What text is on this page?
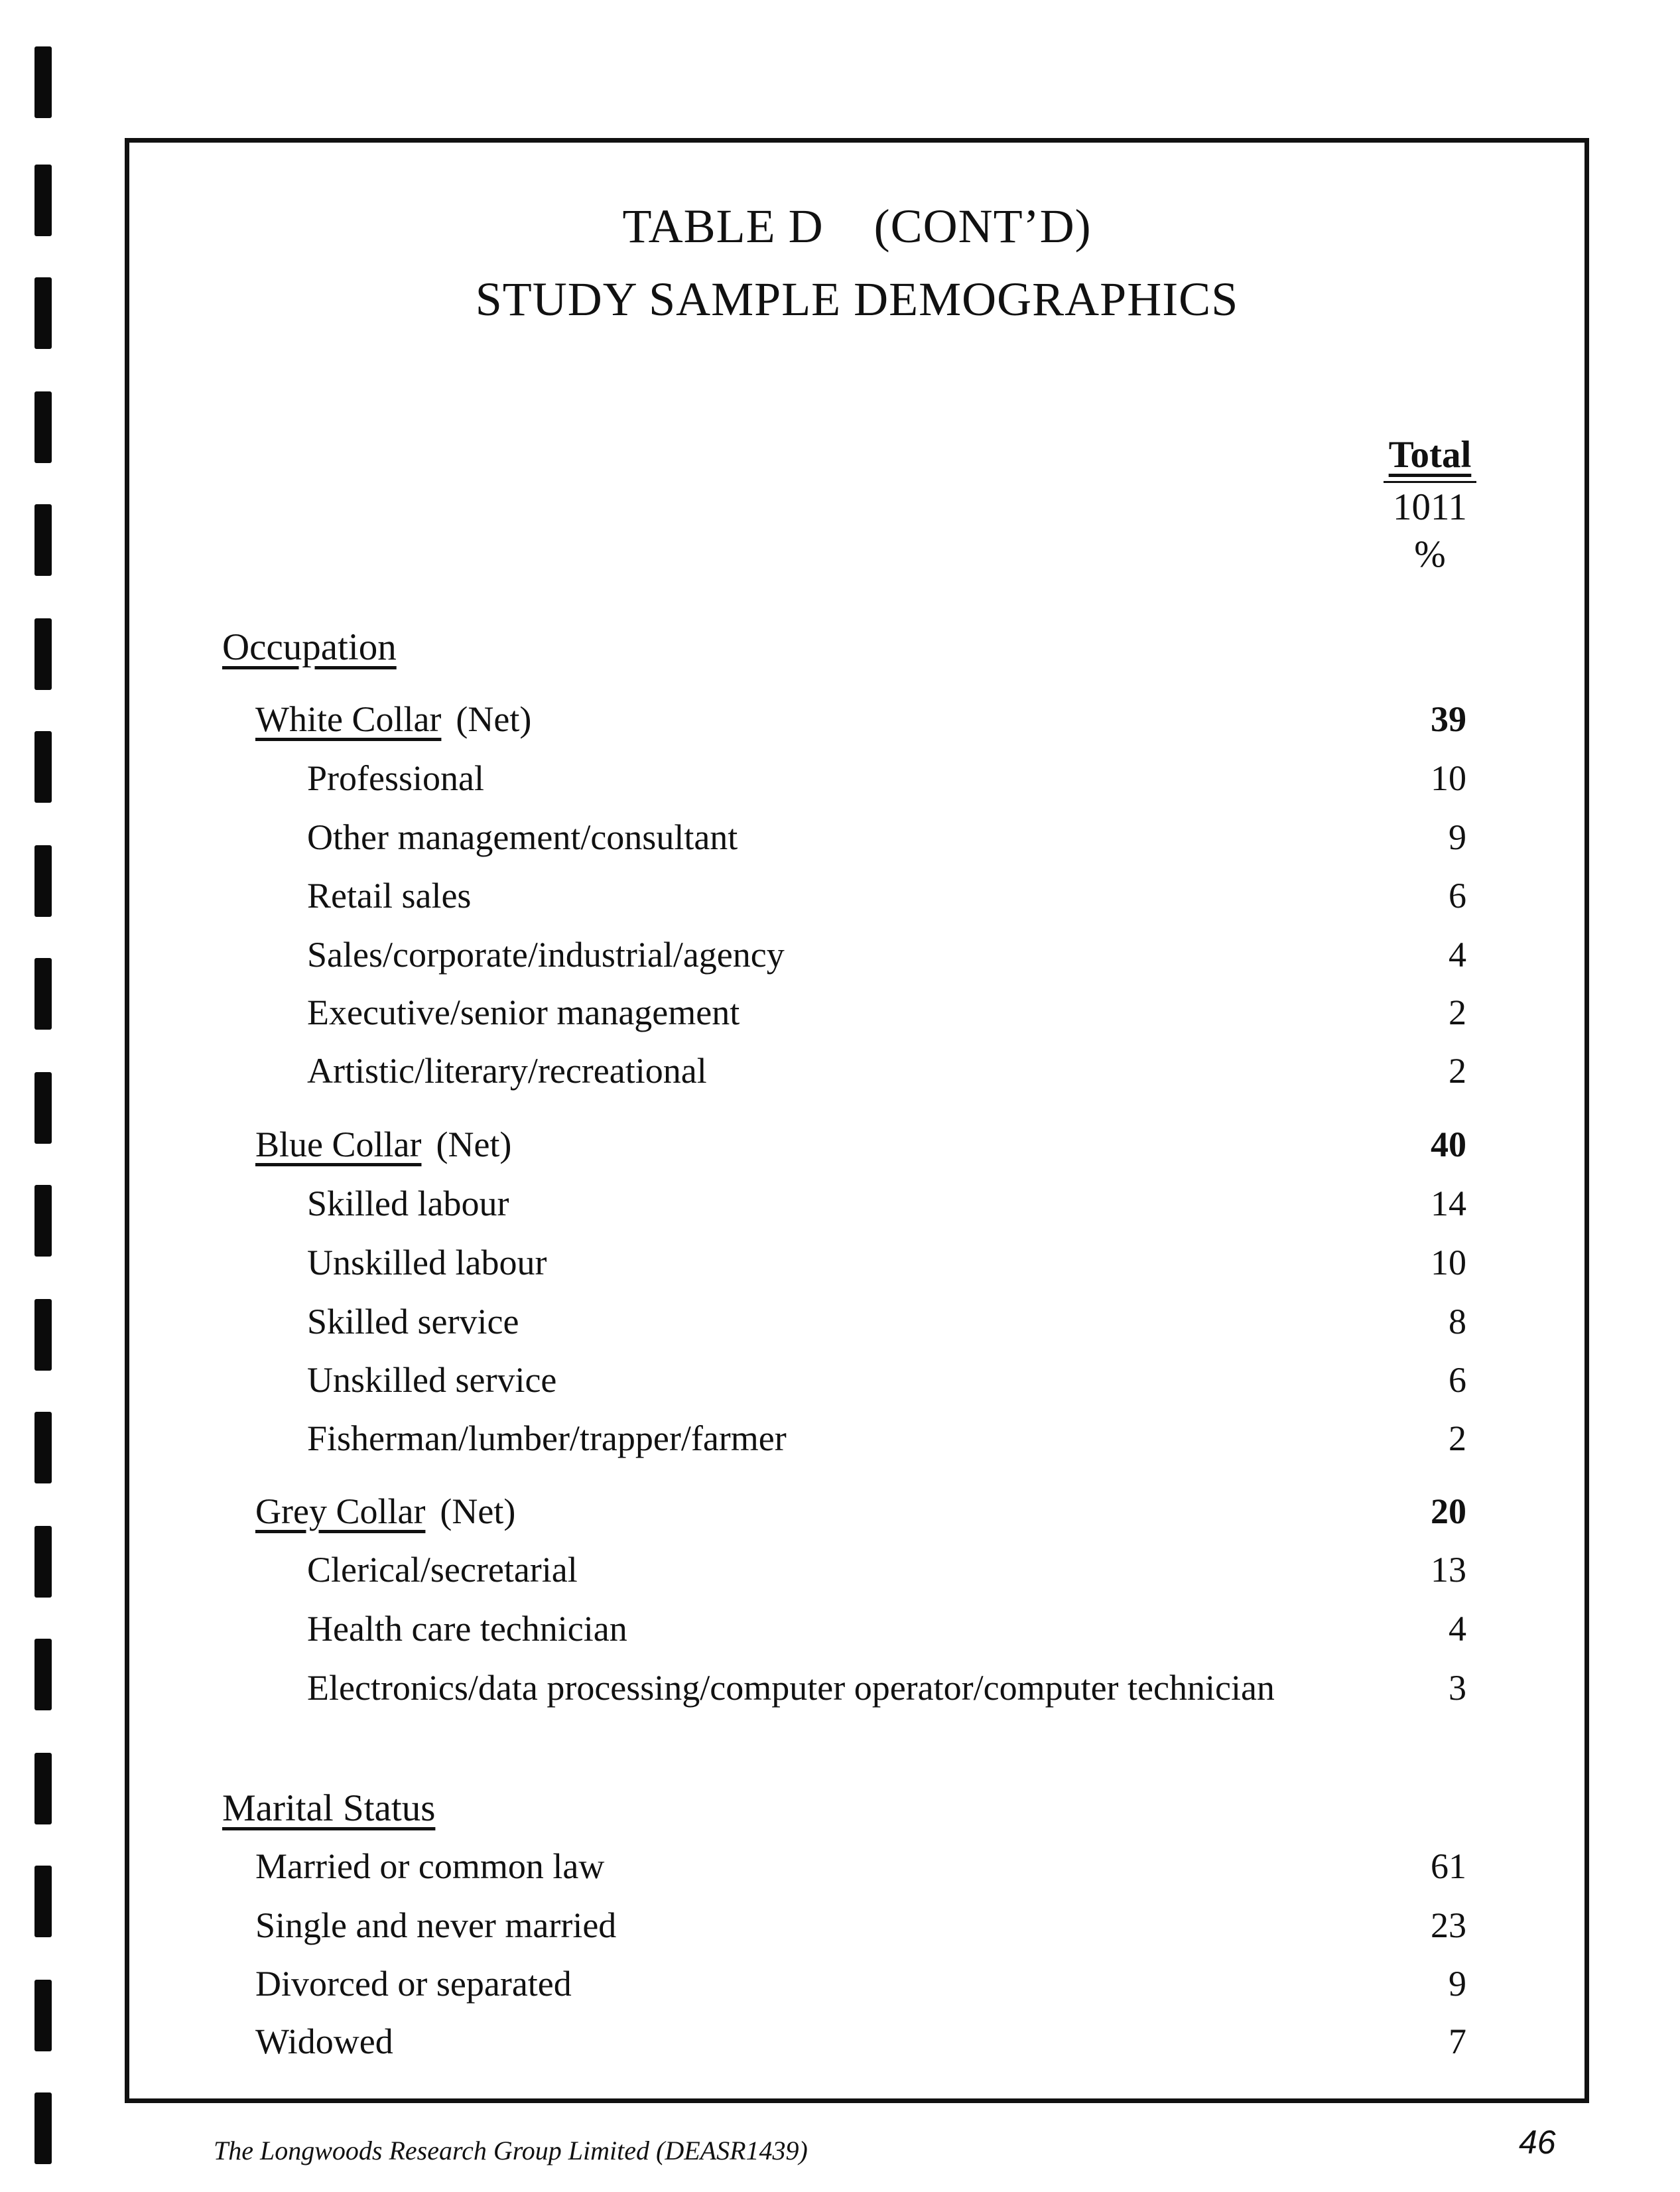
TABLE D    (CONT’D)
STUDY SAMPLE DEMOGRAPHICS
Total
1011
%
Occupation
White Collar (Net)	39
Professional	10
Other management/consultant	9
Retail sales	6
Sales/corporate/industrial/agency	4
Executive/senior management	2
Artistic/literary/recreational	2
Blue Collar (Net)	40
Skilled labour	14
Unskilled labour	10
Skilled service	8
Unskilled service	6
Fisherman/lumber/trapper/farmer	2
Grey Collar (Net)	20
Clerical/secretarial	13
Health care technician	4
Electronics/data processing/computer operator/computer technician	3
Marital Status
Married or common law	61
Single and never married	23
Divorced or separated	9
Widowed	7
The Longwoods Research Group Limited (DEASR1439)	46
